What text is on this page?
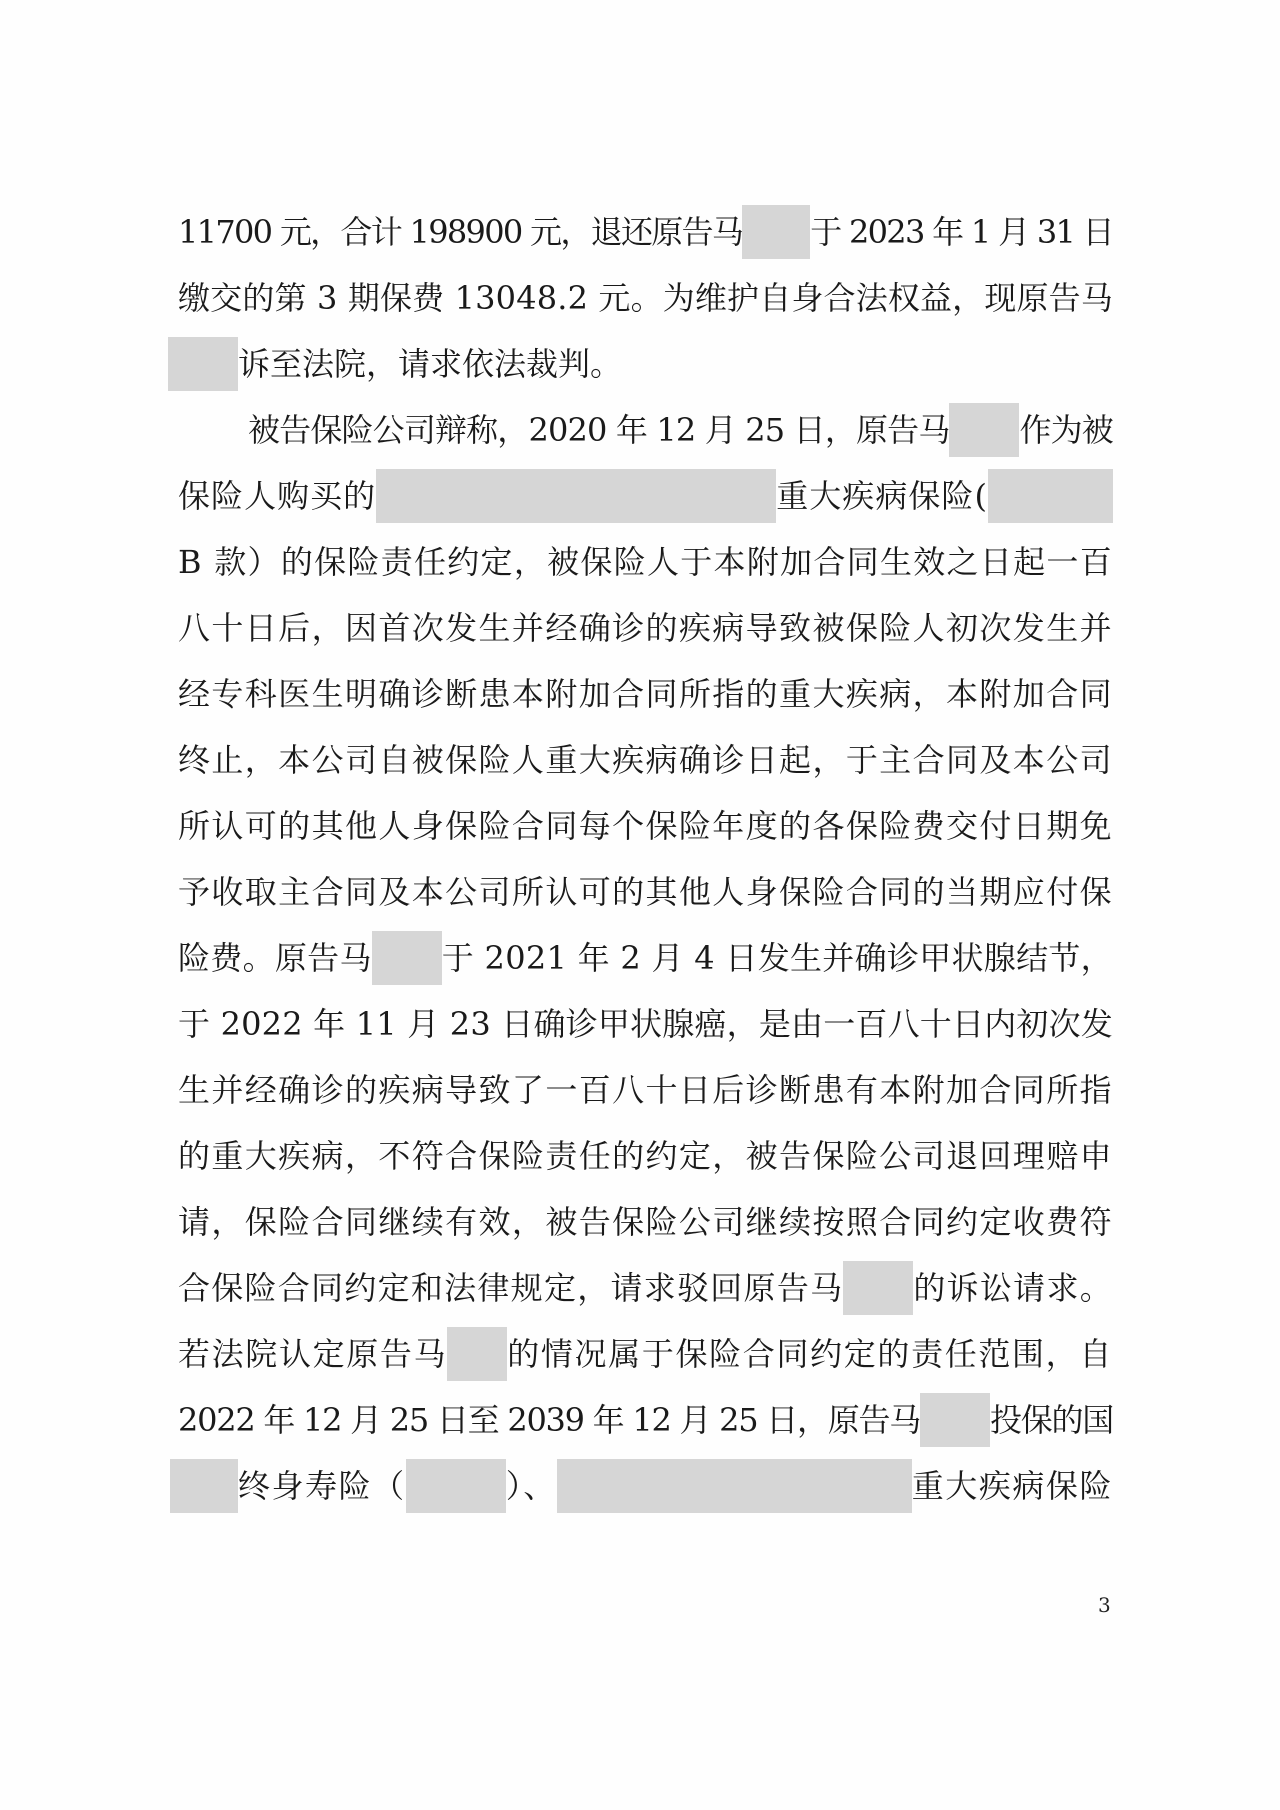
11700 元，合计 198900 元，退还原告马 于 2023 年 1 月 31 日
缴交的第 3 期保费 13048.2 元。为维护自身合法权益，现原告马
诉至法院，请求依法裁判。
被告保险公司辩称，2020 年 12 月 25 日，原告马 作为被
保险人购买的	重大疾病保险(
B 款）的保险责任约定，被保险人于本附加合同生效之日起一百
八十日后，因首次发生并经确诊的疾病导致被保险人初次发生并
经专科医生明确诊断患本附加合同所指的重大疾病，本附加合同
终止，本公司自被保险人重大疾病确诊日起，于主合同及本公司
所认可的其他人身保险合同每个保险年度的各保险费交付日期免
予收取主合同及本公司所认可的其他人身保险合同的当期应付保
险费。原告马 于 2021 年 2 月 4 日发生并确诊甲状腺结节，
于 2022 年 11 月 23 日确诊甲状腺癌，是由一百八十日内初次发
生并经确诊的疾病导致了一百八十日后诊断患有本附加合同所指
的重大疾病，不符合保险责任的约定，被告保险公司退回理赔申
请，保险合同继续有效，被告保险公司继续按照合同约定收费符
合保险合同约定和法律规定，请求驳回原告马 的诉讼请求。
若法院认定原告马 的情况属于保险合同约定的责任范围，自
2022 年 12 月 25 日至 2039 年 12 月 25 日，原告马 投保的国
终身寿险（	）、	重大疾病保险
3
